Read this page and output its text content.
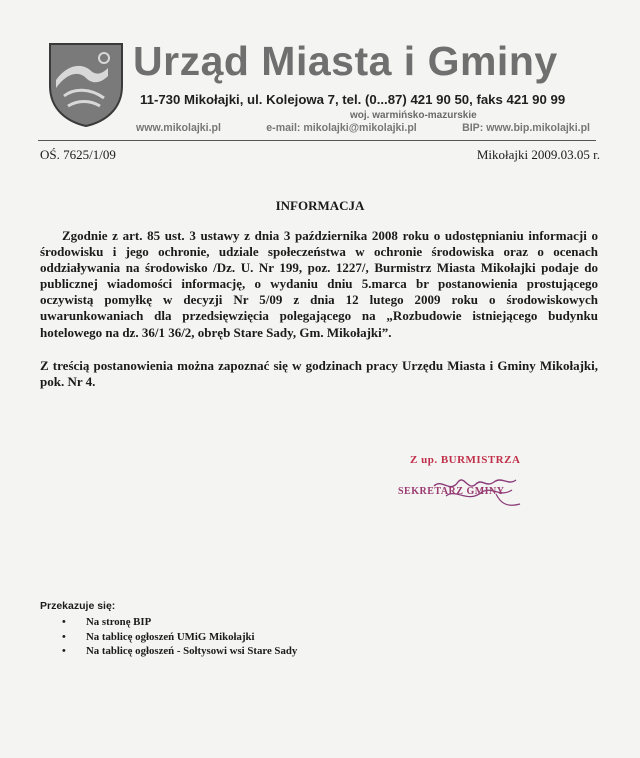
Urząd Miasta i Gminy
11-730 Mikołajki, ul. Kolejowa 7, tel. (0...87) 421 90 50, faks 421 90 99
woj. warmińsko-mazurskie
www.mikolajki.pl	e-mail: mikolajki@mikolajki.pl	BIP: www.bip.mikolajki.pl
OŚ. 7625/1/09	Mikołajki 2009.03.05 r.
INFORMACJA

Zgodnie z art. 85 ust. 3 ustawy z dnia 3 października 2008 roku o udostępnianiu informacji o środowisku i jego ochronie, udziale społeczeństwa w ochronie środowiska oraz o ocenach oddziaływania na środowisko /Dz. U. Nr 199, poz. 1227/, Burmistrz Miasta Mikołajki podaje do publicznej wiadomości informację, o wydaniu dniu 5.marca br postanowienia prostującego oczywistą pomyłkę w decyzji Nr 5/09 z dnia 12 lutego 2009 roku o środowiskowych uwarunkowaniach dla przedsięwzięcia polegającego na „Rozbudowie istniejącego budynku hotelowego na dz. 36/1 36/2, obręb Stare Sady, Gm. Mikołajki”.

Z treścią postanowienia można zapoznać się w godzinach pracy Urzędu Miasta i Gminy Mikołajki, pok. Nr 4.

Z up. BURMISTRZA
SEKRETARZ GMINY
Przekazuje się:
• Na stronę BIP
• Na tablicę ogłoszeń UMiG Mikołajki
• Na tablicę ogłoszeń - Sołtysowi wsi Stare Sady
